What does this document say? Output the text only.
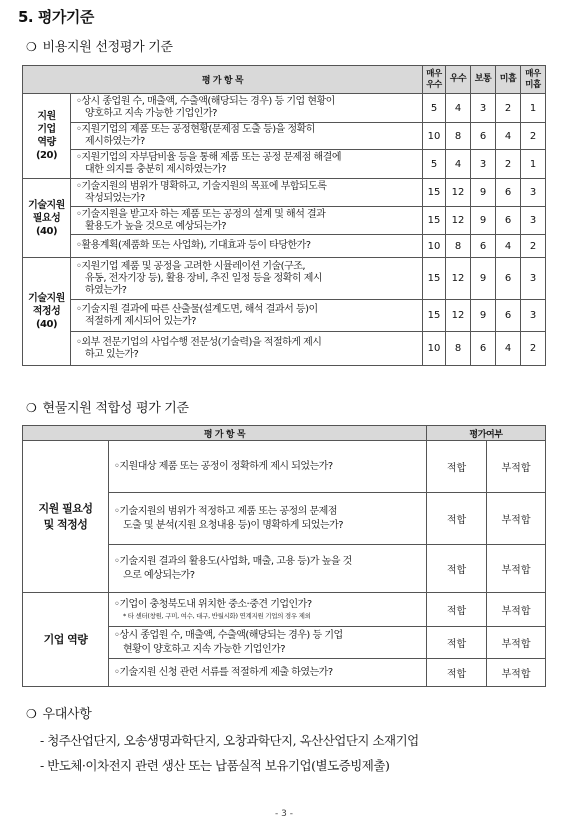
5. 평가기준
❍ 비용지원 선정평가 기준
평 가 항 목		매우 우수	우수	보통	미흡	매우 미흡

지원
기업
역량
(20)	◦상시 종업원 수, 매출액, 수출액(해당되는 경우) 등 기업 현황이
양호하고 지속 가능한 기업인가?	5	4	3	2	1

	◦지원기업의 제품 또는 공정현황(문제점 도출 등)을 정확히
제시하였는가?	10	8	6	4	2

	◦지원기업의 자부담비율 등을 통해 제품 또는 공정 문제점 해결에
대한 의지를 충분히 제시하였는가?	5	4	3	2	1

기술지원
필요성
(40)	◦기술지원의 범위가 명확하고, 기술지원의 목표에 부합되도록
작성되었는가?	15	12	9	6	3

	◦기술지원을 받고자 하는 제품 또는 공정의 설계 및 해석 결과
활용도가 높을 것으로 예상되는가?	15	12	9	6	3

	◦활용계획(제품화 또는 사업화), 기대효과 등이 타당한가?	10	8	6	4	2

기술지원
적정성
(40)	◦지원기업 제품 및 공정을 고려한 시뮬레이션 기술(구조,
유동, 전자기장 등), 활용 장비, 추진 일정 등을 정확히 제시
하였는가?	15	12	9	6	3

	◦기술지원 결과에 따른 산출물(설계도면, 해석 결과서 등)이
적절하게 제시되어 있는가?	15	12	9	6	3

	◦외부 전문기업의 사업수행 전문성(기술력)을 적절하게 제시
하고 있는가?	10	8	6	4	2
❍ 현물지원 적합성 평가 기준
평 가 항 목		평가여부	

지원 필요성
및 적정성	◦지원대상 제품 또는 공정이 정확하게 제시 되었는가?	적합	부적합

	◦기술지원의 범위가 적정하고 제품 또는 공정의 문제점
도출 및 분석(지원 요청내용 등)이 명확하게 되었는가?	적합	부적합

	◦기술지원 결과의 활용도(사업화, 매출, 고용 등)가 높을 것
으로 예상되는가?	적합	부적합

기업 역량	◦기업이 충청북도내 위치한 중소·중견 기업인가?
* 타 센터(창원, 구미, 여수, 대구, 반월시화) 연계지원 기업의 경우 제외	적합	부적합

	◦상시 종업원 수, 매출액, 수출액(해당되는 경우) 등 기업
현황이 양호하고 지속 가능한 기업인가?	적합	부적합

	◦기술지원 신청 관련 서류를 적절하게 제출 하였는가?	적합	부적합
❍ 우대사항
- 청주산업단지, 오송생명과학단지, 오창과학단지, 옥산산업단지 소재기업
- 반도체·이차전지 관련 생산 또는 납품실적 보유기업(별도증빙제출)
- 3 -
